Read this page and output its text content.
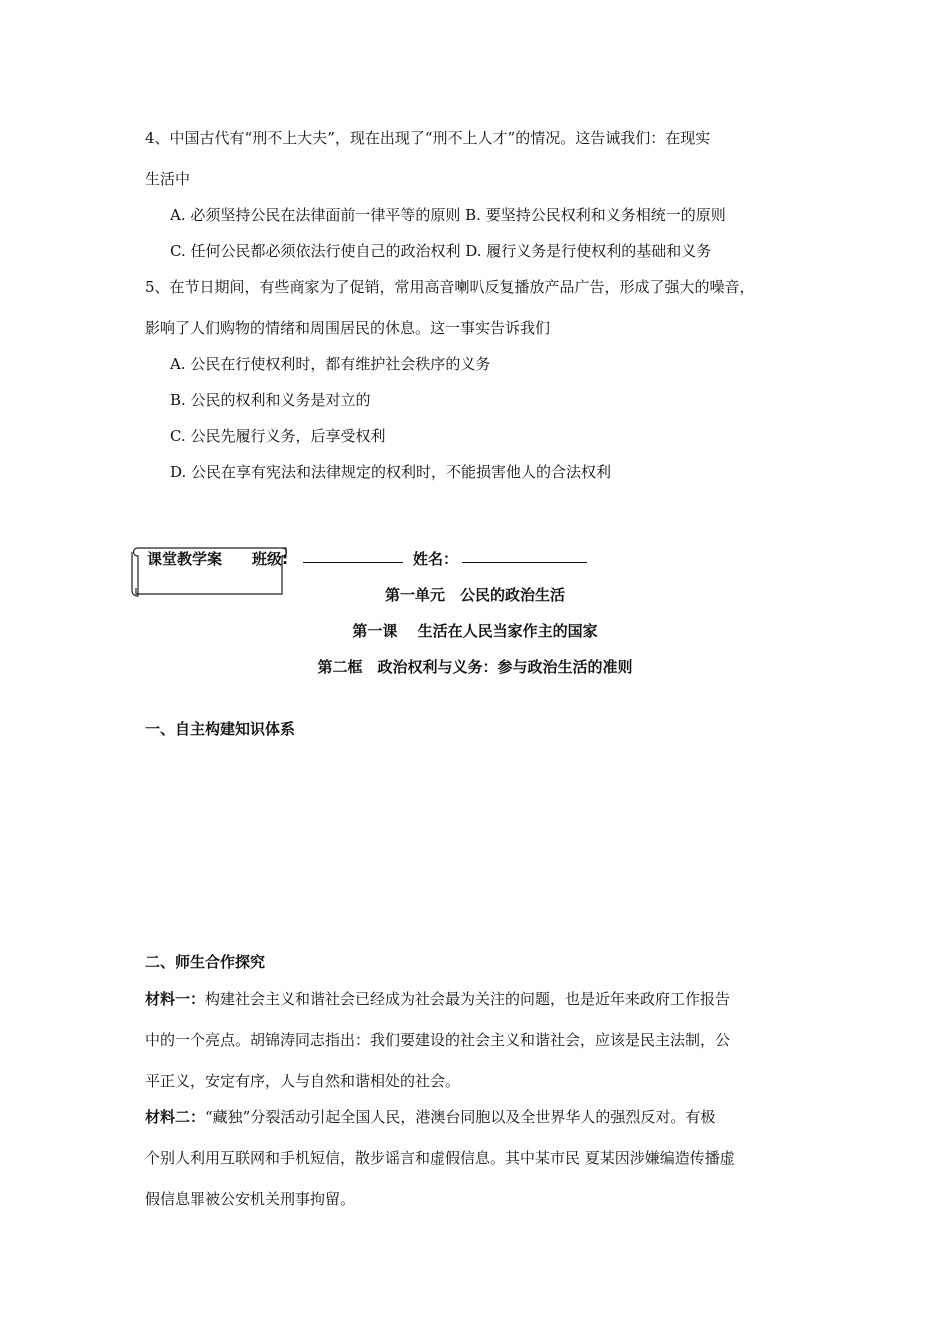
4、中国古代有“刑不上大夫”，现在出现了“刑不上人才”的情况。这告诫我们：在现实
生活中
A. 必须坚持公民在法律面前一律平等的原则 B. 要坚持公民权利和义务相统一的原则
C. 任何公民都必须依法行使自己的政治权利 D. 履行义务是行使权利的基础和义务
5、在节日期间，有些商家为了促销，常用高音喇叭反复播放产品广告，形成了强大的噪音，
影响了人们购物的情绪和周围居民的休息。这一事实告诉我们
A. 公民在行使权利时，都有维护社会秩序的义务
B. 公民的权利和义务是对立的
C. 公民先履行义务，后享受权利
D. 公民在享有宪法和法律规定的权利时，不能损害他人的合法权利
课堂教学案 班级:	姓名：
第一单元　公民的政治生活
第一课　 生活在人民当家作主的国家
第二框　政治权利与义务：参与政治生活的准则
一、自主构建知识体系
二、师生合作探究
材料一：构建社会主义和谐社会已经成为社会最为关注的问题，也是近年来政府工作报告
中的一个亮点。胡锦涛同志指出：我们要建设的社会主义和谐社会，应该是民主法制，公
平正义，安定有序，人与自然和谐相处的社会。
材料二：“藏独”分裂活动引起全国人民，港澳台同胞以及全世界华人的强烈反对。有极
个别人利用互联网和手机短信，散步谣言和虚假信息。其中某市民 夏某因涉嫌编造传播虚
假信息罪被公安机关刑事拘留。
